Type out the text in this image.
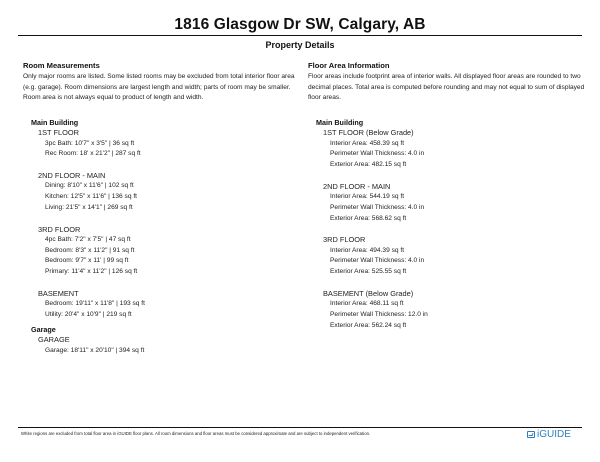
1816 Glasgow Dr SW, Calgary, AB
Property Details
Room Measurements
Only major rooms are listed. Some listed rooms may be excluded from total interior floor area (e.g. garage). Room dimensions are largest length and width; parts of room may be smaller. Room area is not always equal to product of length and width.
Main Building
1ST FLOOR
3pc Bath: 10'7" x 3'5" | 36 sq ft
Rec Room: 18' x 21'2" | 287 sq ft
2ND FLOOR - MAIN
Dining: 8'10" x 11'6" | 102 sq ft
Kitchen: 12'5" x 11'6" | 136 sq ft
Living: 21'5" x 14'1" | 269 sq ft
3RD FLOOR
4pc Bath: 7'2" x 7'5" | 47 sq ft
Bedroom: 8'3" x 11'2" | 91 sq ft
Bedroom: 9'7" x 11' | 99 sq ft
Primary: 11'4" x 11'2" | 126 sq ft
BASEMENT
Bedroom: 19'11" x 11'8" | 193 sq ft
Utility: 20'4" x 10'9" | 219 sq ft
Garage
GARAGE
Garage: 18'11" x 20'10" | 394 sq ft
Floor Area Information
Floor areas include footprint area of interior walls. All displayed floor areas are rounded to two decimal places. Total area is computed before rounding and may not equal to sum of displayed floor areas.
Main Building
1ST FLOOR (Below Grade)
Interior Area: 458.39 sq ft
Perimeter Wall Thickness: 4.0 in
Exterior Area: 482.15 sq ft
2ND FLOOR - MAIN
Interior Area: 544.19 sq ft
Perimeter Wall Thickness: 4.0 in
Exterior Area: 568.62 sq ft
3RD FLOOR
Interior Area: 494.39 sq ft
Perimeter Wall Thickness: 4.0 in
Exterior Area: 525.55 sq ft
BASEMENT (Below Grade)
Interior Area: 468.11 sq ft
Perimeter Wall Thickness: 12.0 in
Exterior Area: 562.24 sq ft
White regions are excluded from total floor area in iGUIDE floor plans. All room dimensions and floor areas must be considered approximate and are subject to independent verification.	iGUIDE
